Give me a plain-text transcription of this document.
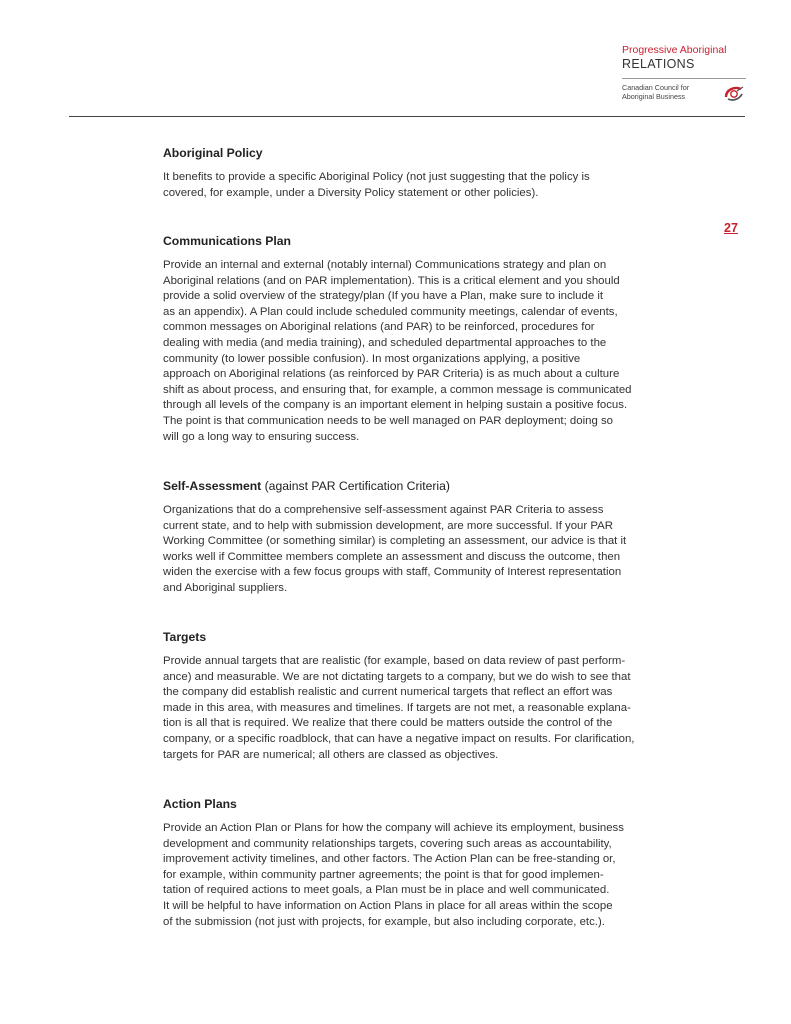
Progressive Aboriginal
RELATIONS
Canadian Council for
Aboriginal Business
27

Aboriginal Policy

It benefits to provide a specific Aboriginal Policy (not just suggesting that the policy is

covered, for example, under a Diversity Policy statement or other policies).

Communications Plan

Provide an internal and external (notably internal) Communications strategy and plan on

Aboriginal relations (and on PAR implementation). This is a critical element and you should

provide a solid overview of the strategy/plan (If you have a Plan, make sure to include it

as an appendix). A Plan could include scheduled community meetings, calendar of events,

common messages on Aboriginal relations (and PAR) to be reinforced, procedures for

dealing with media (and media training), and scheduled departmental approaches to the

community (to lower possible confusion). In most organizations applying, a positive

approach on Aboriginal relations (as reinforced by PAR Criteria) is as much about a culture

shift as about process, and ensuring that, for example, a common message is communicated

through all levels of the company is an important element in helping sustain a positive focus.

The point is that communication needs to be well managed on PAR deployment; doing so

will go a long way to ensuring success.

Self-Assessment (against PAR Certification Criteria)

Organizations that do a comprehensive self-assessment against PAR Criteria to assess

current state, and to help with submission development, are more successful. If your PAR

Working Committee (or something similar) is completing an assessment, our advice is that it

works well if Committee members complete an assessment and discuss the outcome, then

widen the exercise with a few focus groups with staff, Community of Interest representation

and Aboriginal suppliers.

Targets

Provide annual targets that are realistic (for example, based on data review of past perform-

ance) and measurable. We are not dictating targets to a company, but we do wish to see that

the company did establish realistic and current numerical targets that reflect an effort was

made in this area, with measures and timelines. If targets are not met, a reasonable explana-

tion is all that is required. We realize that there could be matters outside the control of the

company, or a specific roadblock, that can have a negative impact on results. For clarification,

targets for PAR are numerical; all others are classed as objectives.

Action Plans

Provide an Action Plan or Plans for how the company will achieve its employment, business

development and community relationships targets, covering such areas as accountability,

improvement activity timelines, and other factors. The Action Plan can be free-standing or,

for example, within community partner agreements; the point is that for good implemen-

tation of required actions to meet goals, a Plan must be in place and well communicated.

It will be helpful to have information on Action Plans in place for all areas within the scope

of the submission (not just with projects, for example, but also including corporate, etc.).
